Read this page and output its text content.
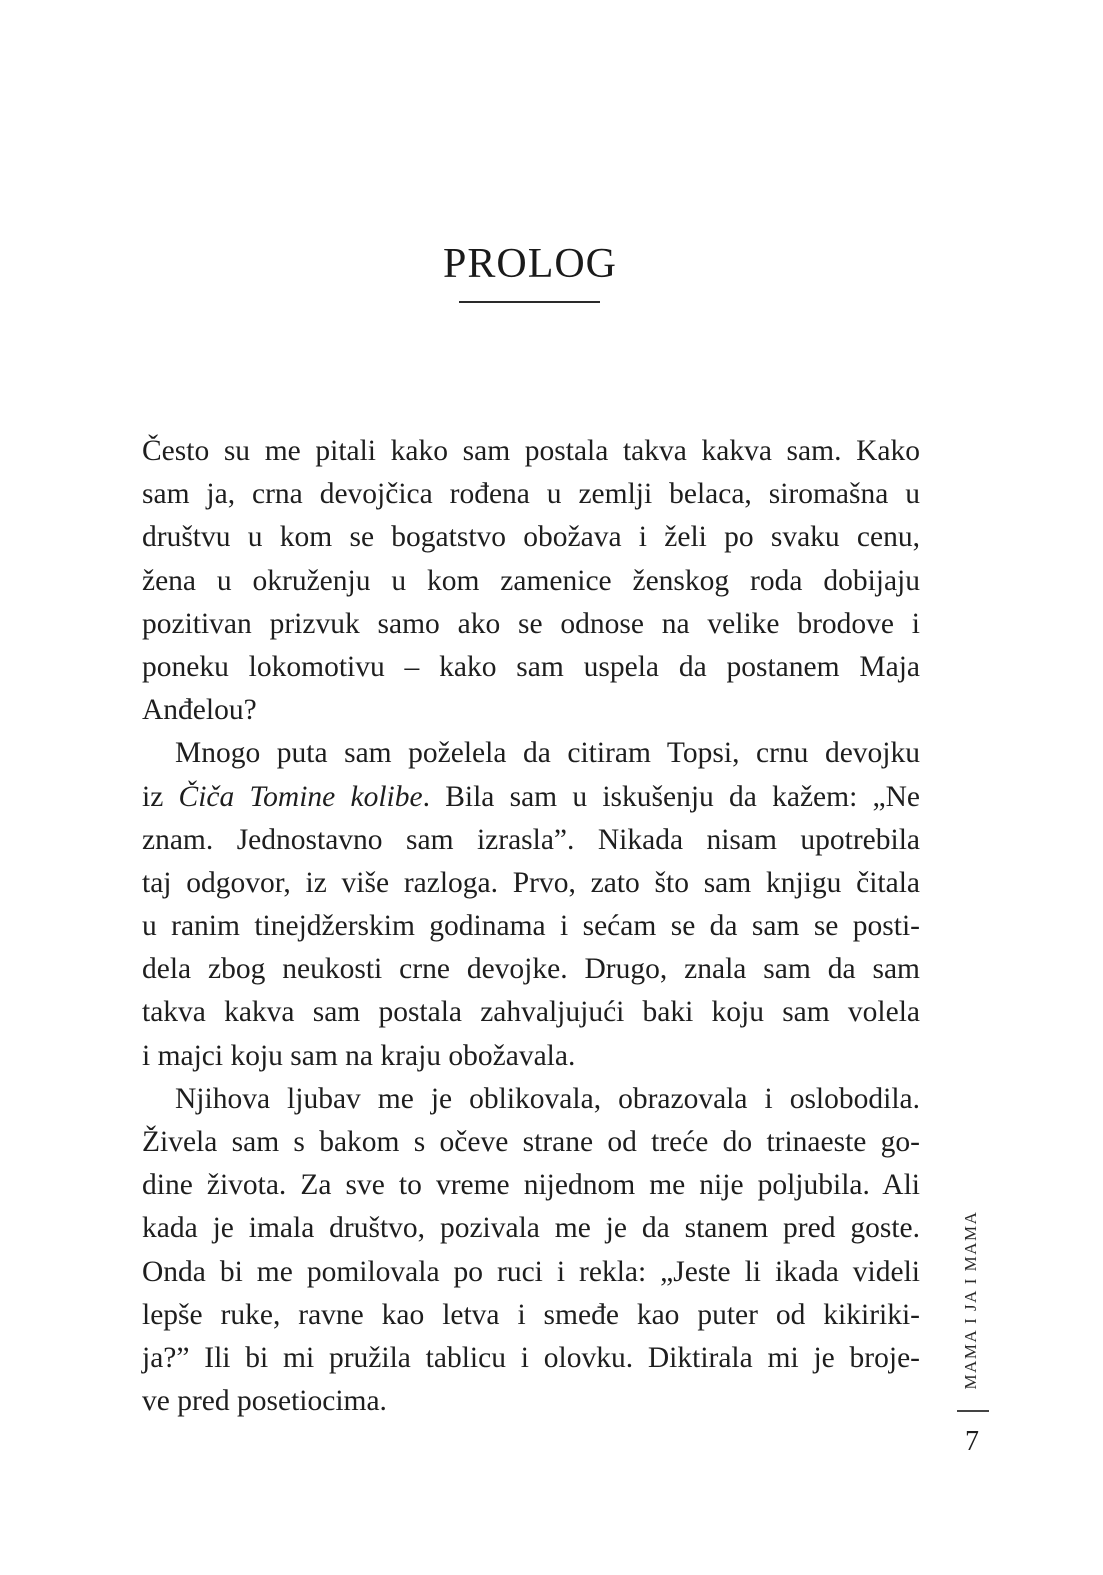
PROLOG
Često su me pitali kako sam postala takva kakva sam. Kako
sam ja, crna devojčica rođena u zemlji belaca, siromašna u
društvu u kom se bogatstvo obožava i želi po svaku cenu,
žena u okruženju u kom zamenice ženskog roda dobijaju
pozitivan prizvuk samo ako se odnose na velike brodove i
poneku lokomotivu – kako sam uspela da postanem Maja
Anđelou?
Mnogo puta sam poželela da citiram Topsi, crnu devojku
iz Čiča Tomine kolibe. Bila sam u iskušenju da kažem: „Ne
znam. Jednostavno sam izrasla”. Nikada nisam upotrebila
taj odgovor, iz više razloga. Prvo, zato što sam knjigu čitala
u ranim tinejdžerskim godinama i sećam se da sam se posti-
dela zbog neukosti crne devojke. Drugo, znala sam da sam
takva kakva sam postala zahvaljujući baki koju sam volela
i majci koju sam na kraju obožavala.
Njihova ljubav me je oblikovala, obrazovala i oslobodila.
Živela sam s bakom s očeve strane od treće do trinaeste go-
dine života. Za sve to vreme nijednom me nije poljubila. Ali
kada je imala društvo, pozivala me je da stanem pred goste.
Onda bi me pomilovala po ruci i rekla: „Jeste li ikada videli
lepše ruke, ravne kao letva i smeđe kao puter od kikiriki-
ja?” Ili bi mi pružila tablicu i olovku. Diktirala mi je broje-
ve pred posetiocima.
MAMA I JA I MAMA
7
